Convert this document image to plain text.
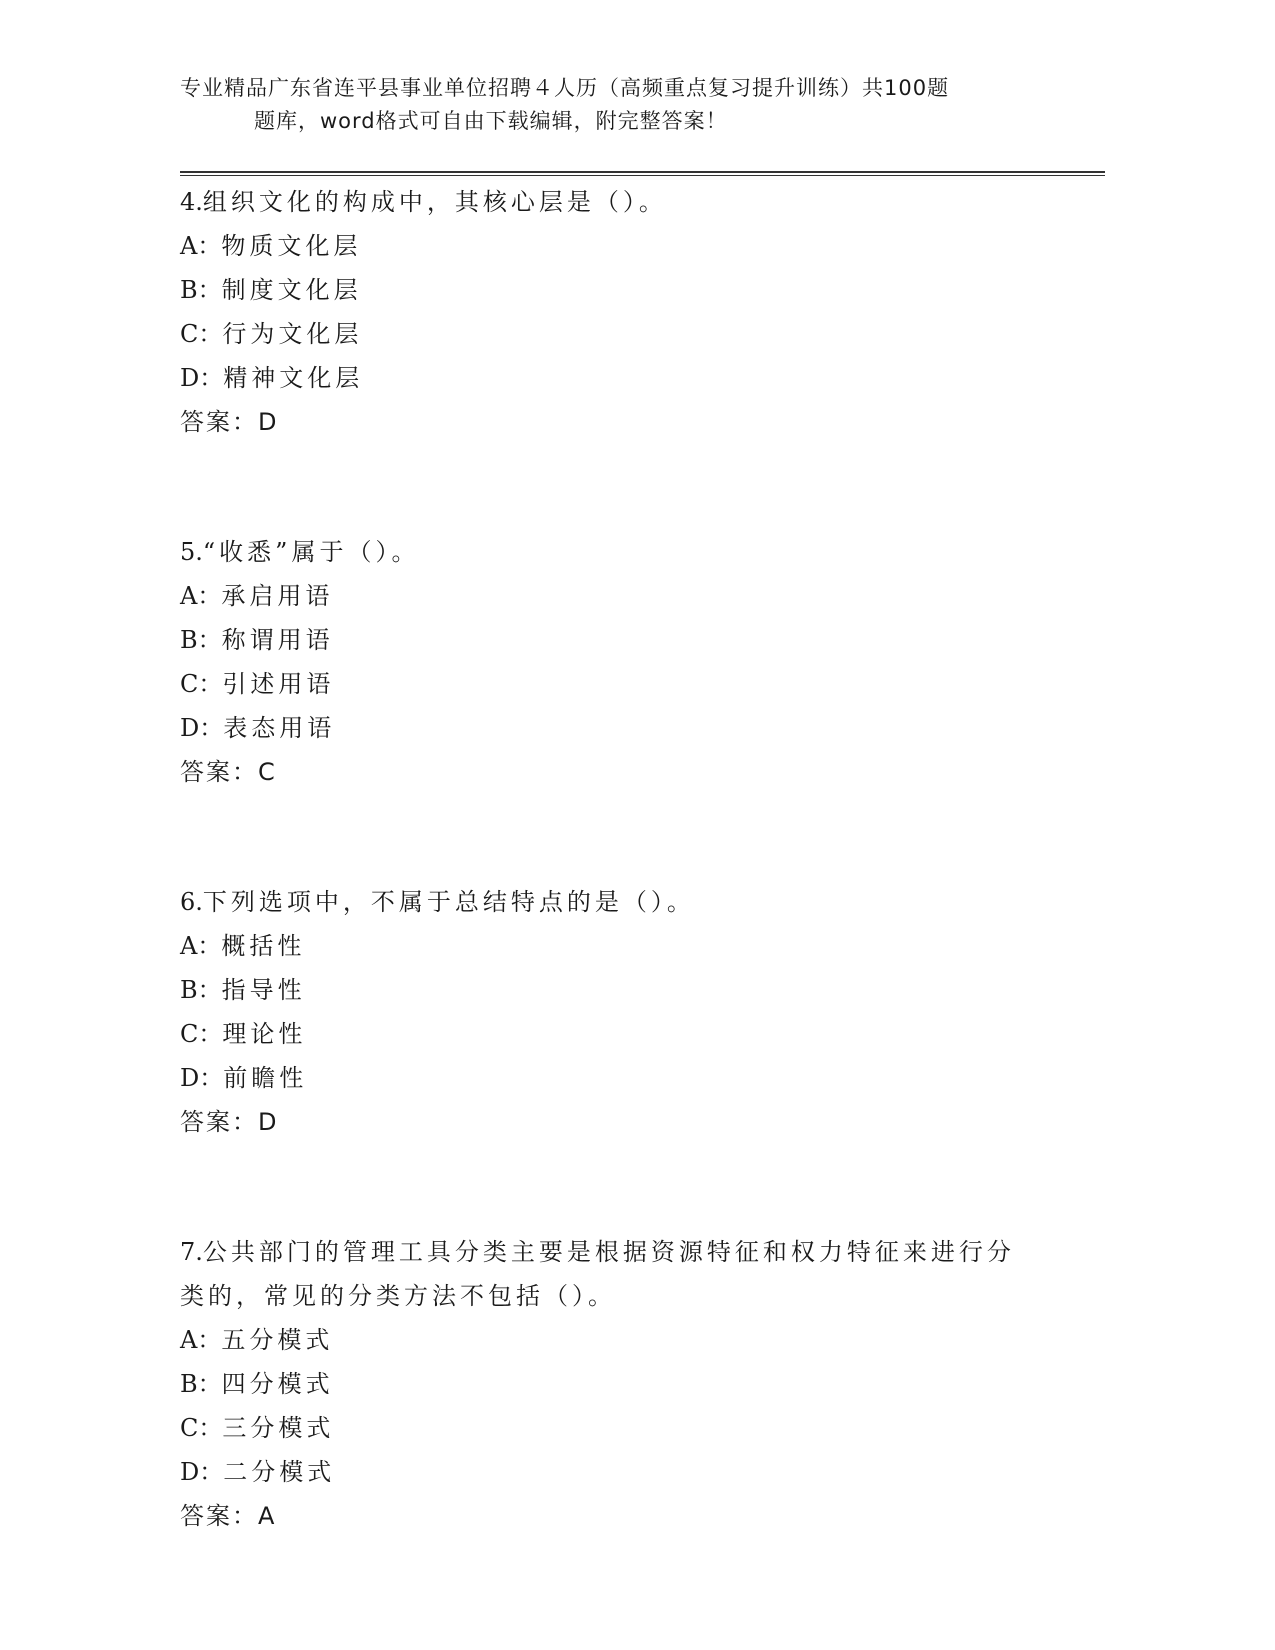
专业精品广东省连平县事业单位招聘４人历（高频重点复习提升训练）共100题
题库，word格式可自由下载编辑，附完整答案！

4.组织文化的构成中，其核心层是（）。

A：物质文化层

B：制度文化层

C：行为文化层

D：精神文化层

答案：D

5.“收悉”属于（）。

A：承启用语

B：称谓用语

C：引述用语

D：表态用语

答案：C

6.下列选项中，不属于总结特点的是（）。

A：概括性

B：指导性

C：理论性

D：前瞻性

答案：D

7.公共部门的管理工具分类主要是根据资源特征和权力特征来进行分类的，常见的分类方法不包括（）。

A：五分模式

B：四分模式

C：三分模式

D：二分模式

答案：A
